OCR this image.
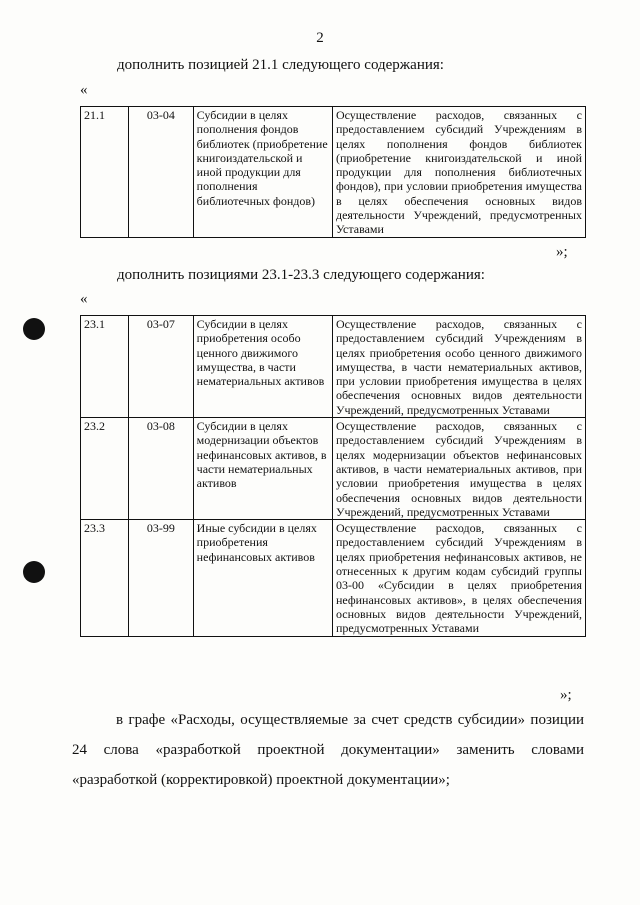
2
дополнить позицией 21.1 следующего содержания:
«
21.1	03-04	Субсидии в целях пополнения фондов библиотек (приобретение книгоиздательской и иной продукции для пополнения библиотечных фондов)	Осуществление расходов, связанных с предоставлением субсидий Учреждениям в целях пополнения фондов библиотек (приобретение книгоиздательской и иной продукции для пополнения библиотечных фондов), при условии приобретения имущества в целях обеспечения основных видов деятельности Учреждений, предусмотренных Уставами
»;
дополнить позициями 23.1-23.3 следующего содержания:
«
23.1	03-07	Субсидии в целях приобретения особо ценного движимого имущества, в части нематериальных активов	Осуществление расходов, связанных с предоставлением субсидий Учреждениям в целях приобретения особо ценного движимого имущества, в части нематериальных активов, при условии приобретения имущества в целях обеспечения основных видов деятельности Учреждений, предусмотренных Уставами
23.2	03-08	Субсидии в целях модернизации объектов нефинансовых активов, в части нематериальных активов	Осуществление расходов, связанных с предоставлением субсидий Учреждениям в целях модернизации объектов нефинансовых активов, в части нематериальных активов, при условии приобретения имущества в целях обеспечения основных видов деятельности Учреждений, предусмотренных Уставами
23.3	03-99	Иные субсидии в целях приобретения нефинансовых активов	Осуществление расходов, связанных с предоставлением субсидий Учреждениям в целях приобретения нефинансовых активов, не отнесенных к другим кодам субсидий группы 03-00 «Субсидии в целях приобретения нефинансовых активов», в целях обеспечения основных видов деятельности Учреждений, предусмотренных Уставами
»;
в графе «Расходы, осуществляемые за счет средств субсидии» позиции 24 слова «разработкой проектной документации» заменить словами «разработкой (корректировкой) проектной документации»;
